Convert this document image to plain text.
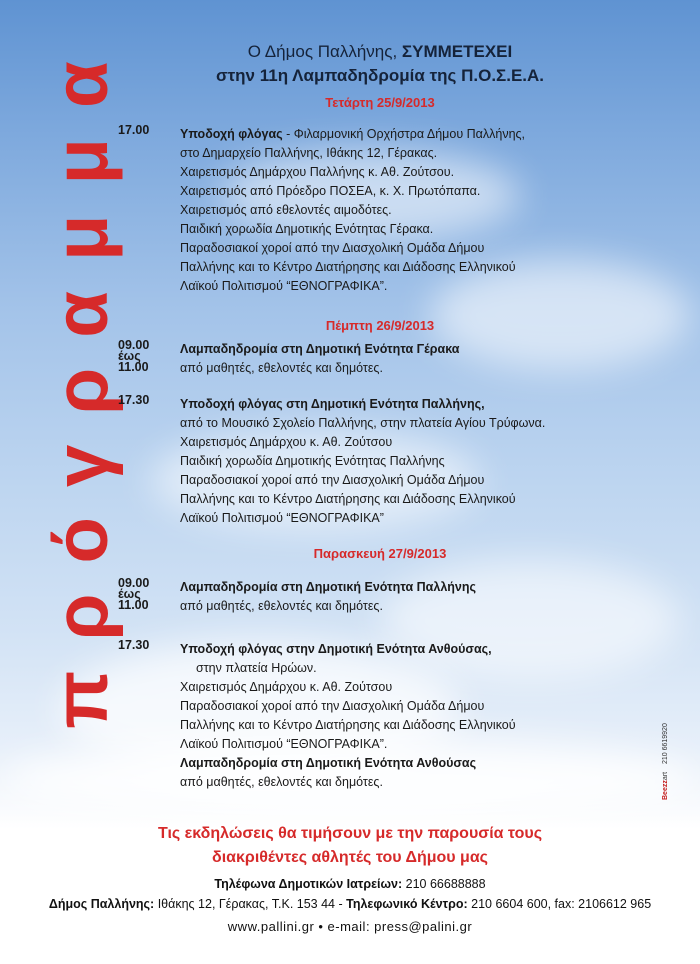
πρόγραμμα	Ο Δήμος Παλλήνης, ΣΥΜΜΕΤΕΧΕΙ

στην 11η Λαμπαδηδρομία της Π.Ο.Σ.Ε.Α.

Τετάρτη 25/9/2013

17.00 Υποδοχή φλόγας - Φιλαρμονική Ορχήστρα Δήμου Παλλήνης,
στο Δημαρχείο Παλλήνης, Ιθάκης 12, Γέρακας.
Χαιρετισμός Δημάρχου Παλλήνης κ. Αθ. Ζούτσου.
Χαιρετισμός από Πρόεδρο ΠΟΣΕΑ, κ. Χ. Πρωτόπαπα.
Χαιρετισμός από εθελοντές αιμοδότες.
Παιδική χορωδία Δημοτικής Ενότητας Γέρακα.
Παραδοσιακοί χοροί από την Διασχολική Ομάδα Δήμου
Παλλήνης και το Κέντρο Διατήρησης και Διάδοσης Ελληνικού
Λαϊκού Πολιτισμού “ΕΘΝΟΓΡΑΦΙΚΑ”.

Πέμπτη 26/9/2013

09.00
έως
11.00
Λαμπαδηδρομία στη Δημοτική Ενότητα Γέρακα
από μαθητές, εθελοντές και δημότες.
17.30 Υποδοχή φλόγας στη Δημοτική Ενότητα Παλλήνης,
από το Μουσικό Σχολείο Παλλήνης, στην πλατεία Αγίου Τρύφωνα.
Χαιρετισμός Δημάρχου κ. Αθ. Ζούτσου
Παιδική χορωδία Δημοτικής Ενότητας Παλλήνης
Παραδοσιακοί χοροί από την Διασχολική Ομάδα Δήμου
Παλλήνης και το Κέντρο Διατήρησης και Διάδοσης Ελληνικού
Λαϊκού Πολιτισμού “ΕΘΝΟΓΡΑΦΙΚΑ”

Παρασκευή 27/9/2013

09.00
έως
11.00
Λαμπαδηδρομία στη Δημοτική Ενότητα Παλλήνης
από μαθητές, εθελοντές και δημότες.
17.30 Υποδοχή φλόγας στην Δημοτική Ενότητα Ανθούσας,
στην πλατεία Ηρώων.
Χαιρετισμός Δημάρχου κ. Αθ. Ζούτσου
Παραδοσιακοί χοροί από την Διασχολική Ομάδα Δήμου
Παλλήνης και το Κέντρο Διατήρησης και Διάδοσης Ελληνικού
Λαϊκού Πολιτισμού “ΕΘΝΟΓΡΑΦΙΚΑ”.
Λαμπαδηδρομία στη Δημοτική Ενότητα Ανθούσας
από μαθητές, εθελοντές και δημότες.	Beezzart 210 6619920
Τις εκδηλώσεις θα τιμήσουν με την παρουσία τους
διακριθέντες αθλητές του Δήμου μας
Τηλέφωνα Δημοτικών Ιατρείων: 210 66688888
Δήμος Παλλήνης: Ιθάκης 12, Γέρακας, Τ.Κ. 153 44 - Τηλεφωνικό Κέντρο: 210 6604 600, fax: 2106612 965
www.pallini.gr • e-mail: press@palini.gr
